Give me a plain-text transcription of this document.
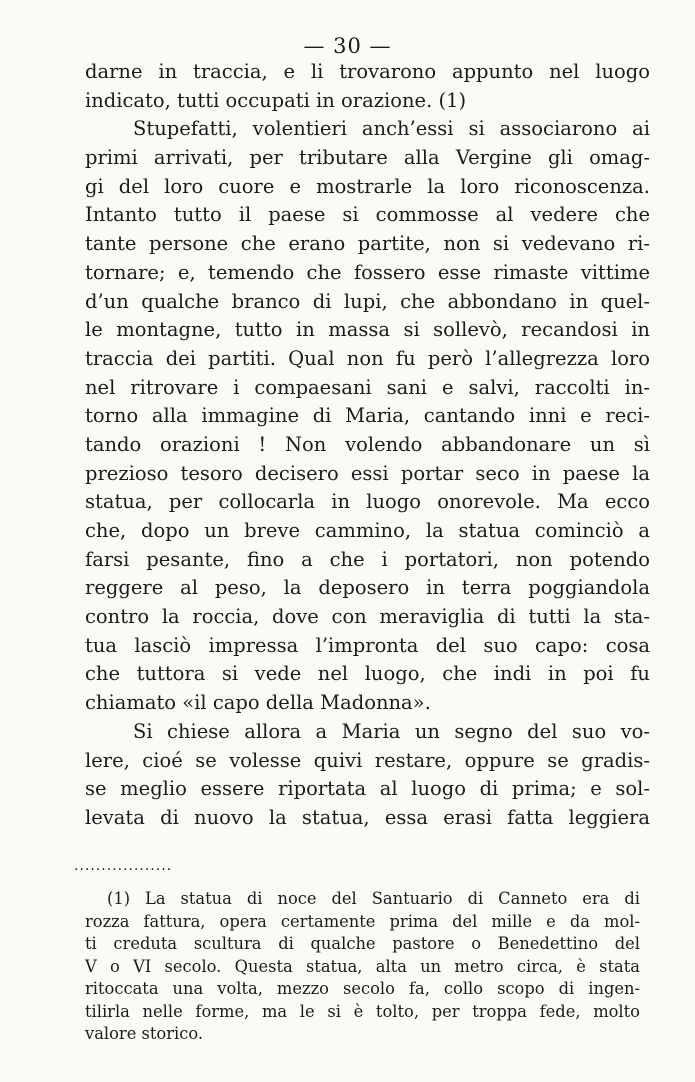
— 30 —
darne in traccia, e li trovarono appunto nel luogo
indicato, tutti occupati in orazione. (1)
Stupefatti, volentieri anch’essi si associarono ai
primi arrivati, per tributare alla Vergine gli omag-
gi del loro cuore e mostrarle la loro riconoscenza.
Intanto tutto il paese si commosse al vedere che
tante persone che erano partite, non si vedevano ri-
tornare; e, temendo che fossero esse rimaste vittime
d’un qualche branco di lupi, che abbondano in quel-
le montagne, tutto in massa si sollevò, recandosi in
traccia dei partiti. Qual non fu però l’allegrezza loro
nel ritrovare i compaesani sani e salvi, raccolti in-
torno alla immagine di Maria, cantando inni e reci-
tando orazioni ! Non volendo abbandonare un sì
prezioso tesoro decisero essi portar seco in paese la
statua, per collocarla in luogo onorevole. Ma ecco
che, dopo un breve cammino, la statua cominciò a
farsi pesante, fino a che i portatori, non potendo
reggere al peso, la deposero in terra poggiandola
contro la roccia, dove con meraviglia di tutti la sta-
tua lasciò impressa l’impronta del suo capo: cosa
che tuttora si vede nel luogo, che indi in poi fu
chiamato «il capo della Madonna».
Si chiese allora a Maria un segno del suo vo-
lere, cioé se volesse quivi restare, oppure se gradis-
se meglio essere riportata al luogo di prima; e sol-
levata di nuovo la statua, essa erasi fatta leggiera
..................
(1) La statua di noce del Santuario di Canneto era di
rozza fattura, opera certamente prima del mille e da mol-
ti creduta scultura di qualche pastore o Benedettino del
V o VI secolo. Questa statua, alta un metro circa, è stata
ritoccata una volta, mezzo secolo fa, collo scopo di ingen-
tilirla nelle forme, ma le si è tolto, per troppa fede, molto
valore storico.
